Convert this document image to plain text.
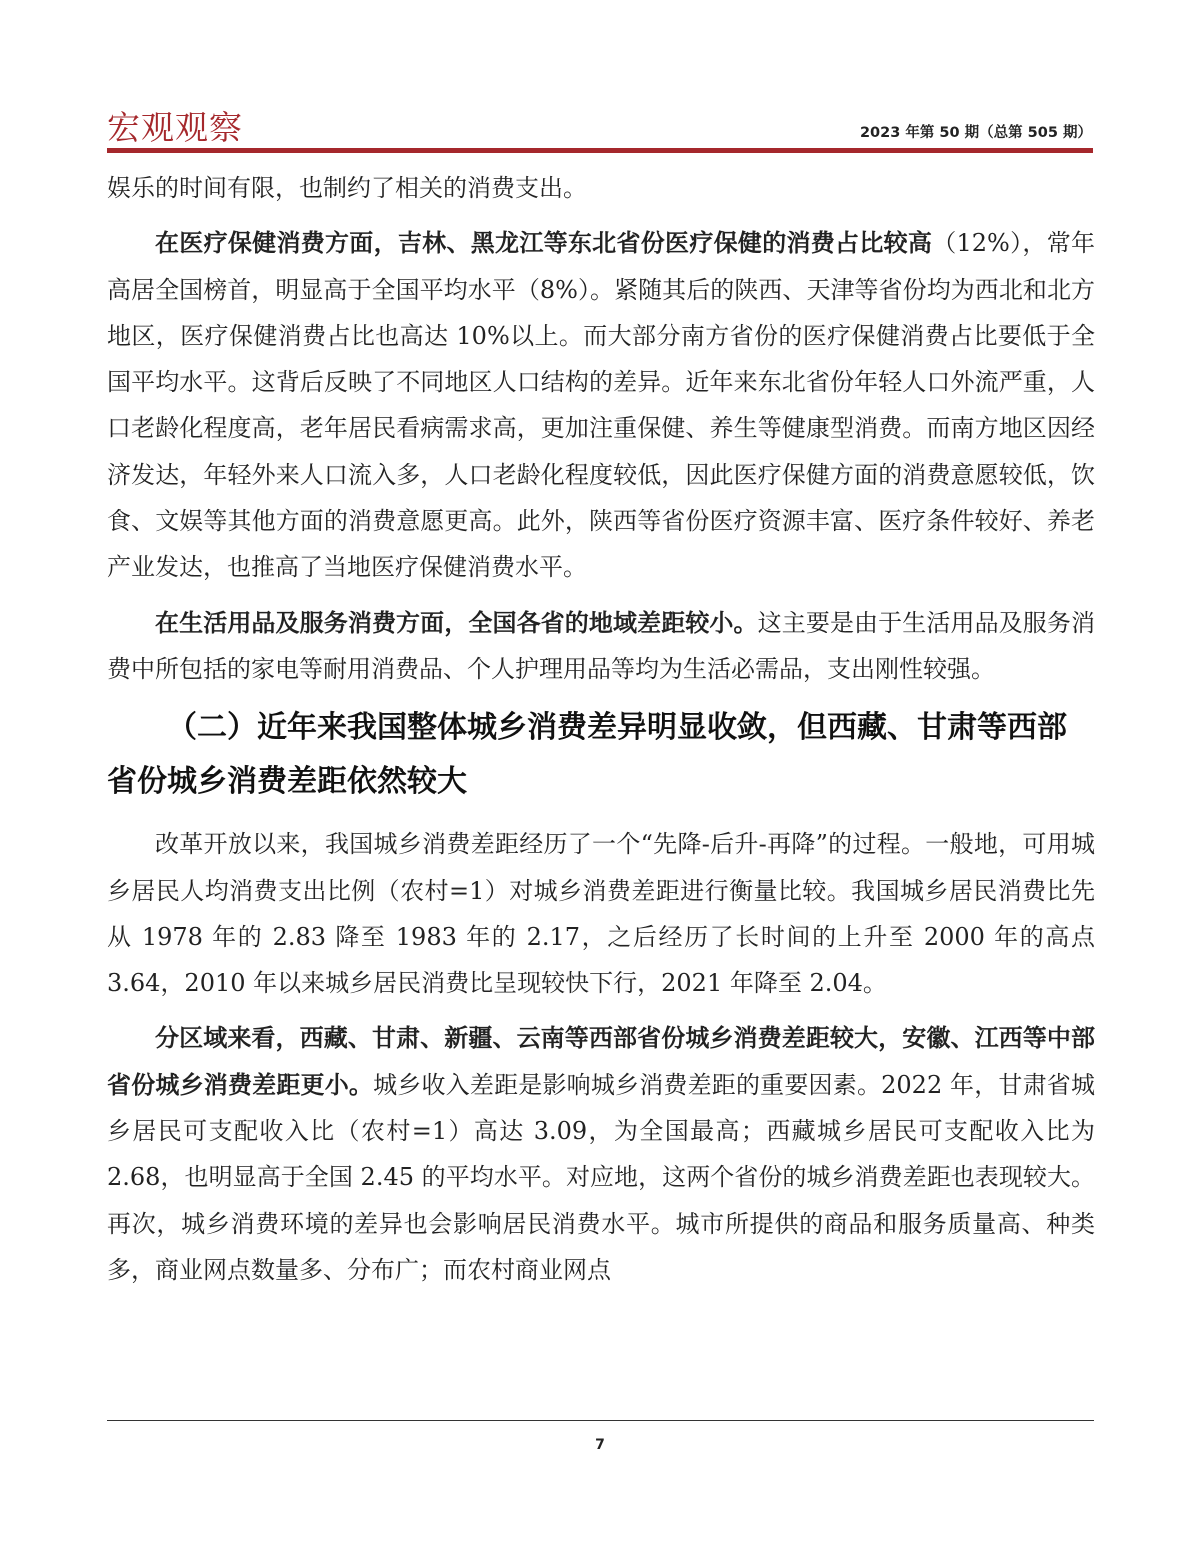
宏观观察	2023 年第 50 期（总第 505 期）

娱乐的时间有限，也制约了相关的消费支出。

在医疗保健消费方面，吉林、黑龙江等东北省份医疗保健的消费占比较高（12%），常年高居全国榜首，明显高于全国平均水平（8%）。紧随其后的陕西、天津等省份均为西北和北方地区，医疗保健消费占比也高达 10%以上。而大部分南方省份的医疗保健消费占比要低于全国平均水平。这背后反映了不同地区人口结构的差异。近年来东北省份年轻人口外流严重，人口老龄化程度高，老年居民看病需求高，更加注重保健、养生等健康型消费。而南方地区因经济发达，年轻外来人口流入多，人口老龄化程度较低，因此医疗保健方面的消费意愿较低，饮食、文娱等其他方面的消费意愿更高。此外，陕西等省份医疗资源丰富、医疗条件较好、养老产业发达，也推高了当地医疗保健消费水平。

在生活用品及服务消费方面，全国各省的地域差距较小。这主要是由于生活用品及服务消费中所包括的家电等耐用消费品、个人护理用品等均为生活必需品，支出刚性较强。

（二）近年来我国整体城乡消费差异明显收敛，但西藏、甘肃等西部省份城乡消费差距依然较大

改革开放以来，我国城乡消费差距经历了一个“先降-后升-再降”的过程。一般地，可用城乡居民人均消费支出比例（农村=1）对城乡消费差距进行衡量比较。我国城乡居民消费比先从 1978 年的 2.83 降至 1983 年的 2.17，之后经历了长时间的上升至 2000 年的高点 3.64，2010 年以来城乡居民消费比呈现较快下行，2021 年降至 2.04。

分区域来看，西藏、甘肃、新疆、云南等西部省份城乡消费差距较大，安徽、江西等中部省份城乡消费差距更小。城乡收入差距是影响城乡消费差距的重要因素。2022 年，甘肃省城乡居民可支配收入比（农村=1）高达 3.09，为全国最高；西藏城乡居民可支配收入比为 2.68，也明显高于全国 2.45 的平均水平。对应地，这两个省份的城乡消费差距也表现较大。再次，城乡消费环境的差异也会影响居民消费水平。城市所提供的商品和服务质量高、种类多，商业网点数量多、分布广；而农村商业网点

7
